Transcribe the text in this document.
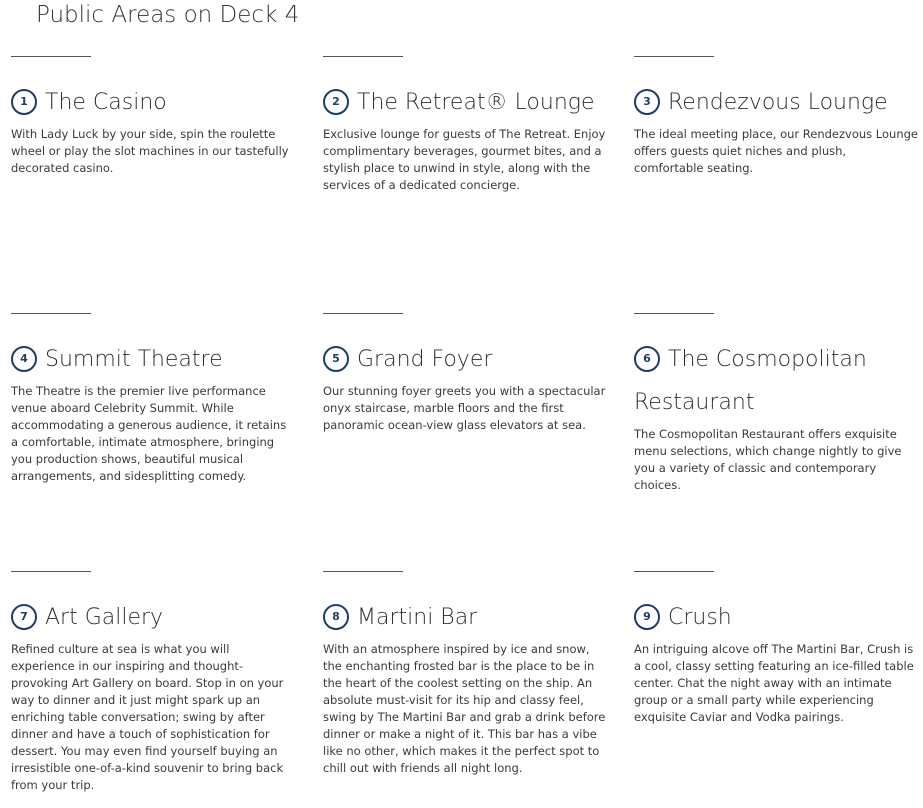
Public Areas on Deck 4
1 The Casino
With Lady Luck by your side, spin the roulette wheel or play the slot machines in our tastefully decorated casino.
2 The Retreat® Lounge
Exclusive lounge for guests of The Retreat. Enjoy complimentary beverages, gourmet bites, and a stylish place to unwind in style, along with the services of a dedicated concierge.
3 Rendezvous Lounge
The ideal meeting place, our Rendezvous Lounge offers guests quiet niches and plush, comfortable seating.
4 Summit Theatre
The Theatre is the premier live performance venue aboard Celebrity Summit. While accommodating a generous audience, it retains a comfortable, intimate atmosphere, bringing you production shows, beautiful musical arrangements, and sidesplitting comedy.
5 Grand Foyer
Our stunning foyer greets you with a spectacular onyx staircase, marble floors and the first panoramic ocean-view glass elevators at sea.
6 The Cosmopolitan Restaurant
The Cosmopolitan Restaurant offers exquisite menu selections, which change nightly to give you a variety of classic and contemporary choices.
7 Art Gallery
Refined culture at sea is what you will experience in our inspiring and thought-provoking Art Gallery on board. Stop in on your way to dinner and it just might spark up an enriching table conversation; swing by after dinner and have a touch of sophistication for dessert. You may even find yourself buying an irresistible one-of-a-kind souvenir to bring back from your trip.
8 Martini Bar
With an atmosphere inspired by ice and snow, the enchanting frosted bar is the place to be in the heart of the coolest setting on the ship. An absolute must-visit for its hip and classy feel, swing by The Martini Bar and grab a drink before dinner or make a night of it. This bar has a vibe like no other, which makes it the perfect spot to chill out with friends all night long.
9 Crush
An intriguing alcove off The Martini Bar, Crush is a cool, classy setting featuring an ice-filled table center. Chat the night away with an intimate group or a small party while experiencing exquisite Caviar and Vodka pairings.
